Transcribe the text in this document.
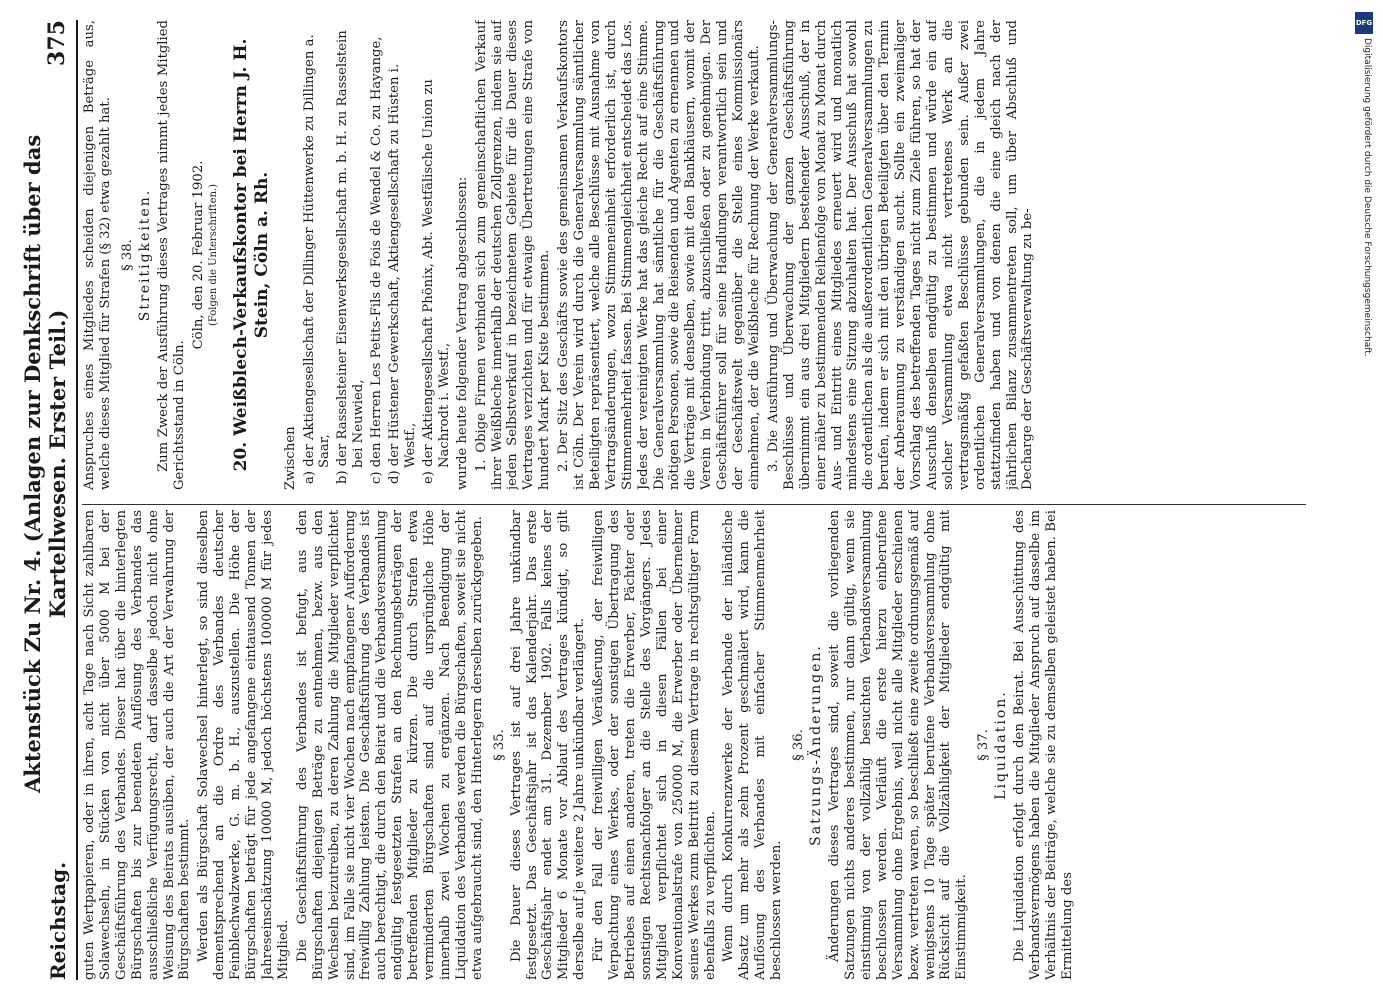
Reichstag.
Aktenstück Zu Nr. 4. (Anlagen zur Denkschrift über das Kartellwesen. Erster Teil.)
375

guten Wertpapieren, oder in ihren, acht Tage nach Sicht zahlbaren Solawechseln, in Stücken von nicht über 5000 M bei der Geschäftsführung des Verbandes. Dieser hat über die hinterlegten Bürgschaften bis zur beendeten Auflösung des Verbandes das ausschließliche Verfügungsrecht, darf dasselbe jedoch nicht ohne Weisung des Beirats ausüben, der auch die Art der Verwahrung der Bürgschaften bestimmt. Werden als Bürgschaft Solawechsel hinterlegt, so sind dieselben dementsprechend an die Ordre des Verbandes deutscher Feinblechwalzwerke, G. m. b. H., auszustellen. Die Höhe der Bürgschaften beträgt für jede angefangene eintausend Tonnen der Jahreseinschätzung 10000 M, jedoch höchstens 100000 M für jedes Mitglied. Die Geschäftsführung des Verbandes ist befugt, aus den Bürgschaften diejenigen Beträge zu entnehmen, bezw. aus den Wechseln beizutreiben, zu deren Zahlung die Mitglieder verpflichtet sind, im Falle sie nicht vier Wochen nach empfangener Aufforderung freiwillig Zahlung leisten. Die Geschäftsführung des Verbandes ist auch berechtigt, die durch den Beirat und die Verbandsversammlung endgültig festgesetzten Strafen an den Rechnungsbeträgen der betreffenden Mitglieder zu kürzen. Die durch Strafen etwa verminderten Bürgschaften sind auf die ursprüngliche Höhe innerhalb zwei Wochen zu ergänzen. Nach Beendigung der Liquidation des Verbandes werden die Bürgschaften, soweit sie nicht etwa aufgebraucht sind, den Hinterlegern derselben zurückgegeben. § 35. Die Dauer dieses Vertrages ist auf drei Jahre unkündbar festgesetzt. Das Geschäftsjahr ist das Kalenderjahr. Das erste Geschäftsjahr endet am 31. Dezember 1902. Falls keines der Mitglieder 6 Monate vor Ablauf des Vertrages kündigt, so gilt derselbe auf je weitere 2 Jahre unkündbar verlängert. Für den Fall der freiwilligen Veräußerung, der freiwilligen Verpachtung eines Werkes, oder der sonstigen Übertragung des Betriebes auf einen anderen, treten die Erwerber, Pächter oder sonstigen Rechtsnachfolger an die Stelle des Vorgängers. Jedes Mitglied verpflichtet sich in diesen Fällen bei einer Konventionalstrafe von 250000 M, die Erwerber oder Übernehmer seines Werkes zum Beitritt zu diesem Vertrage in rechtsgültiger Form ebenfalls zu verpflichten. Wenn durch Konkurrenzwerke der Verbande der inländische Absatz um mehr als zehn Prozent geschmälert wird, kann die Auflösung des Verbandes mit einfacher Stimmenmehrheit beschlossen werden.

§ 36. Satzungs-Änderungen. Änderungen dieses Vertrages sind, soweit die vorliegenden Satzungen nichts anderes bestimmen, nur dann gültig, wenn sie einstimmig von der vollzählig besuchten Verbandsversammlung beschlossen werden. Verläuft die erste hierzu einberufene Versammlung ohne Ergebnis, weil nicht alle Mitglieder erschienen bezw. vertreten waren, so beschließt eine zweite ordnungsgemäß auf wenigstens 10 Tage später berufene Verbandsversammlung ohne Rücksicht auf die Vollzähligkeit der Mitglieder endgültig mit Einstimmigkeit.

§ 37. Liquidation. Die Liquidation erfolgt durch den Beirat. Bei Ausschüttung des Verbandsvermögens haben die Mitglieder Anspruch auf dasselbe im Verhältnis der Beiträge, welche sie zu demselben geleistet haben. Bei Ermittelung des

Anspruches eines Mitgliedes scheiden diejenigen Beträge aus, welche dieses Mitglied für Strafen (§ 32) etwa gezahlt hat. § 38. Streitigkeiten. Zum Zweck der Ausführung dieses Vertrages nimmt jedes Mitglied Gerichtsstand in Cöln.

Cöln, den 20. Februar 1902. (Folgen die Unterschriften.) 20. Weißblech-Verkaufskontor bei Herrn J. H. Stein, Cöln a. Rh.

Zwischen a) der Aktiengesellschaft der Dillinger Hüttenwerke zu Dillingen a. Saar, b) der Rasselsteiner Eisenwerksgesellschaft m. b. H. zu Rasselstein bei Neuwied, c) den Herren Les Petits-Fils de Fois de Wendel & Co. zu Hayange, d) der Hüstener Gewerkschaft, Aktiengesellschaft zu Hüsten i. Westf., e) der Aktiengesellschaft Phönix, Abt. Westfälische Union zu Nachrodt i. Westf., wurde heute folgender Vertrag abgeschlossen: 1. Obige Firmen verbinden sich zum gemeinschaftlichen Verkauf ihrer Weißbleche innerhalb der deutschen Zollgrenzen, indem sie auf jeden Selbstverkauf in bezeichnetem Gebiete für die Dauer dieses Vertrages verzichten und für etwaige Übertretungen eine Strafe von hundert Mark per Kiste bestimmen. 2. Der Sitz des Geschäfts sowie des gemeinsamen Verkaufskontors ist Cöln. Der Verein wird durch die Generalversammlung sämtlicher Beteiligten repräsentiert, welche alle Beschlüsse mit Ausnahme von Vertragsänderungen, wozu Stimmeneinheit erforderlich ist, durch Stimmenmehrheit fassen. Bei Stimmengleichheit entscheidet das Los. Jedes der vereinigten Werke hat das gleiche Recht auf eine Stimme. Die Generalversammlung hat sämtliche für die Geschäftsführung nötigen Personen, sowie die Reisenden und Agenten zu ernennen und die Verträge mit denselben, sowie mit den Bankhäusern, womit der Verein in Verbindung tritt, abzuschließen oder zu genehmigen. Der Geschäftsführer soll für seine Handlungen verantwortlich sein und der Geschäftswelt gegenüber die Stelle eines Kommissionärs einnehmen, der die Weißbleche für Rechnung der Werke verkauft. 3. Die Ausführung und Überwachung der Generalversammlungs-Beschlüsse und Überwachung der ganzen Geschäftsführung übernimmt ein aus drei Mitgliedern bestehender Ausschuß, der in einer näher zu bestimmenden Reihenfolge von Monat zu Monat durch Aus- und Eintritt eines Mitgliedes erneuert wird und monatlich mindestens eine Sitzung abzuhalten hat. Der Ausschuß hat sowohl die ordentlichen als die außerordentlichen Generalversammlungen zu berufen, indem er sich mit den übrigen Beteiligten über den Termin der Anberaumung zu verständigen sucht. Sollte ein zweimaliger Vorschlag des betreffenden Tages nicht zum Ziele führen, so hat der Ausschuß denselben endgültig zu bestimmen und würde ein auf solcher Versammlung etwa nicht vertretenes Werk an die vertragsmäßig gefaßten Beschlüsse gebunden sein. Außer zwei ordentlichen Generalversammlungen, die in jedem Jahre stattzufinden haben und von denen die eine gleich nach der jährlichen Bilanz zusammentreten soll, um über Abschluß und Decharge der Geschäftsverwaltung zu be-

DFG
Digitalisierung gefördert durch die Deutsche Forschungsgemeinschaft.
